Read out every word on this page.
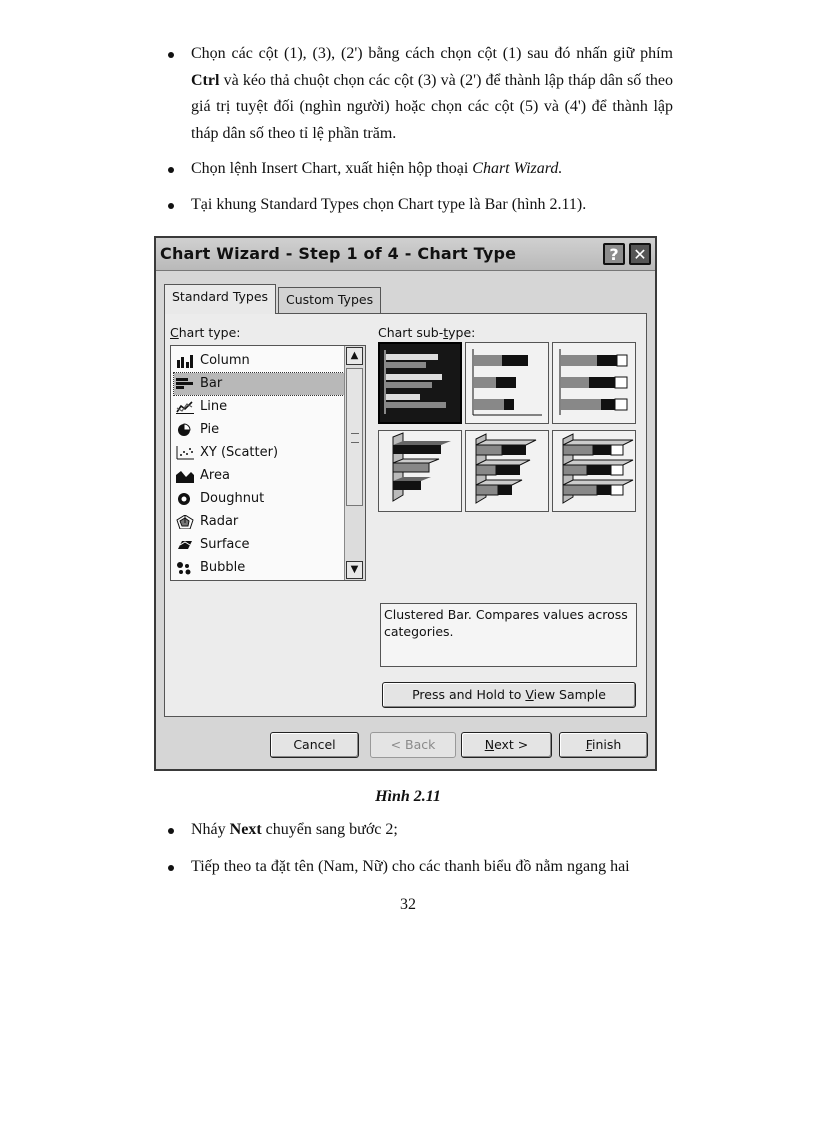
Chọn các cột (1), (3), (2') bằng cách chọn cột (1) sau đó nhấn giữ phím Ctrl và kéo thả chuột chọn các cột (3) và (2') để thành lập tháp dân số theo giá trị tuyệt đối (nghìn người) hoặc chọn các cột (5) và (4') để thành lập tháp dân số theo tỉ lệ phần trăm.
Chọn lệnh Insert Chart, xuất hiện hộp thoại Chart Wizard.
Tại khung Standard Types chọn Chart type là Bar (hình 2.11).
Chart Wizard - Step 1 of 4 - Chart Type	? ✕
Standard Types	Custom Types
Chart type:	Chart sub-type:
Column
Bar
Line
Pie
XY (Scatter)
Area
Doughnut
Radar
Surface
Bubble
▲
▼
Clustered Bar. Compares values across categories.
Press and Hold to View Sample
Cancel	< Back	Next >	Finish
Hình 2.11
Nháy Next chuyển sang bước 2;
Tiếp theo ta đặt tên (Nam, Nữ) cho các thanh biểu đồ nằm ngang hai
32
